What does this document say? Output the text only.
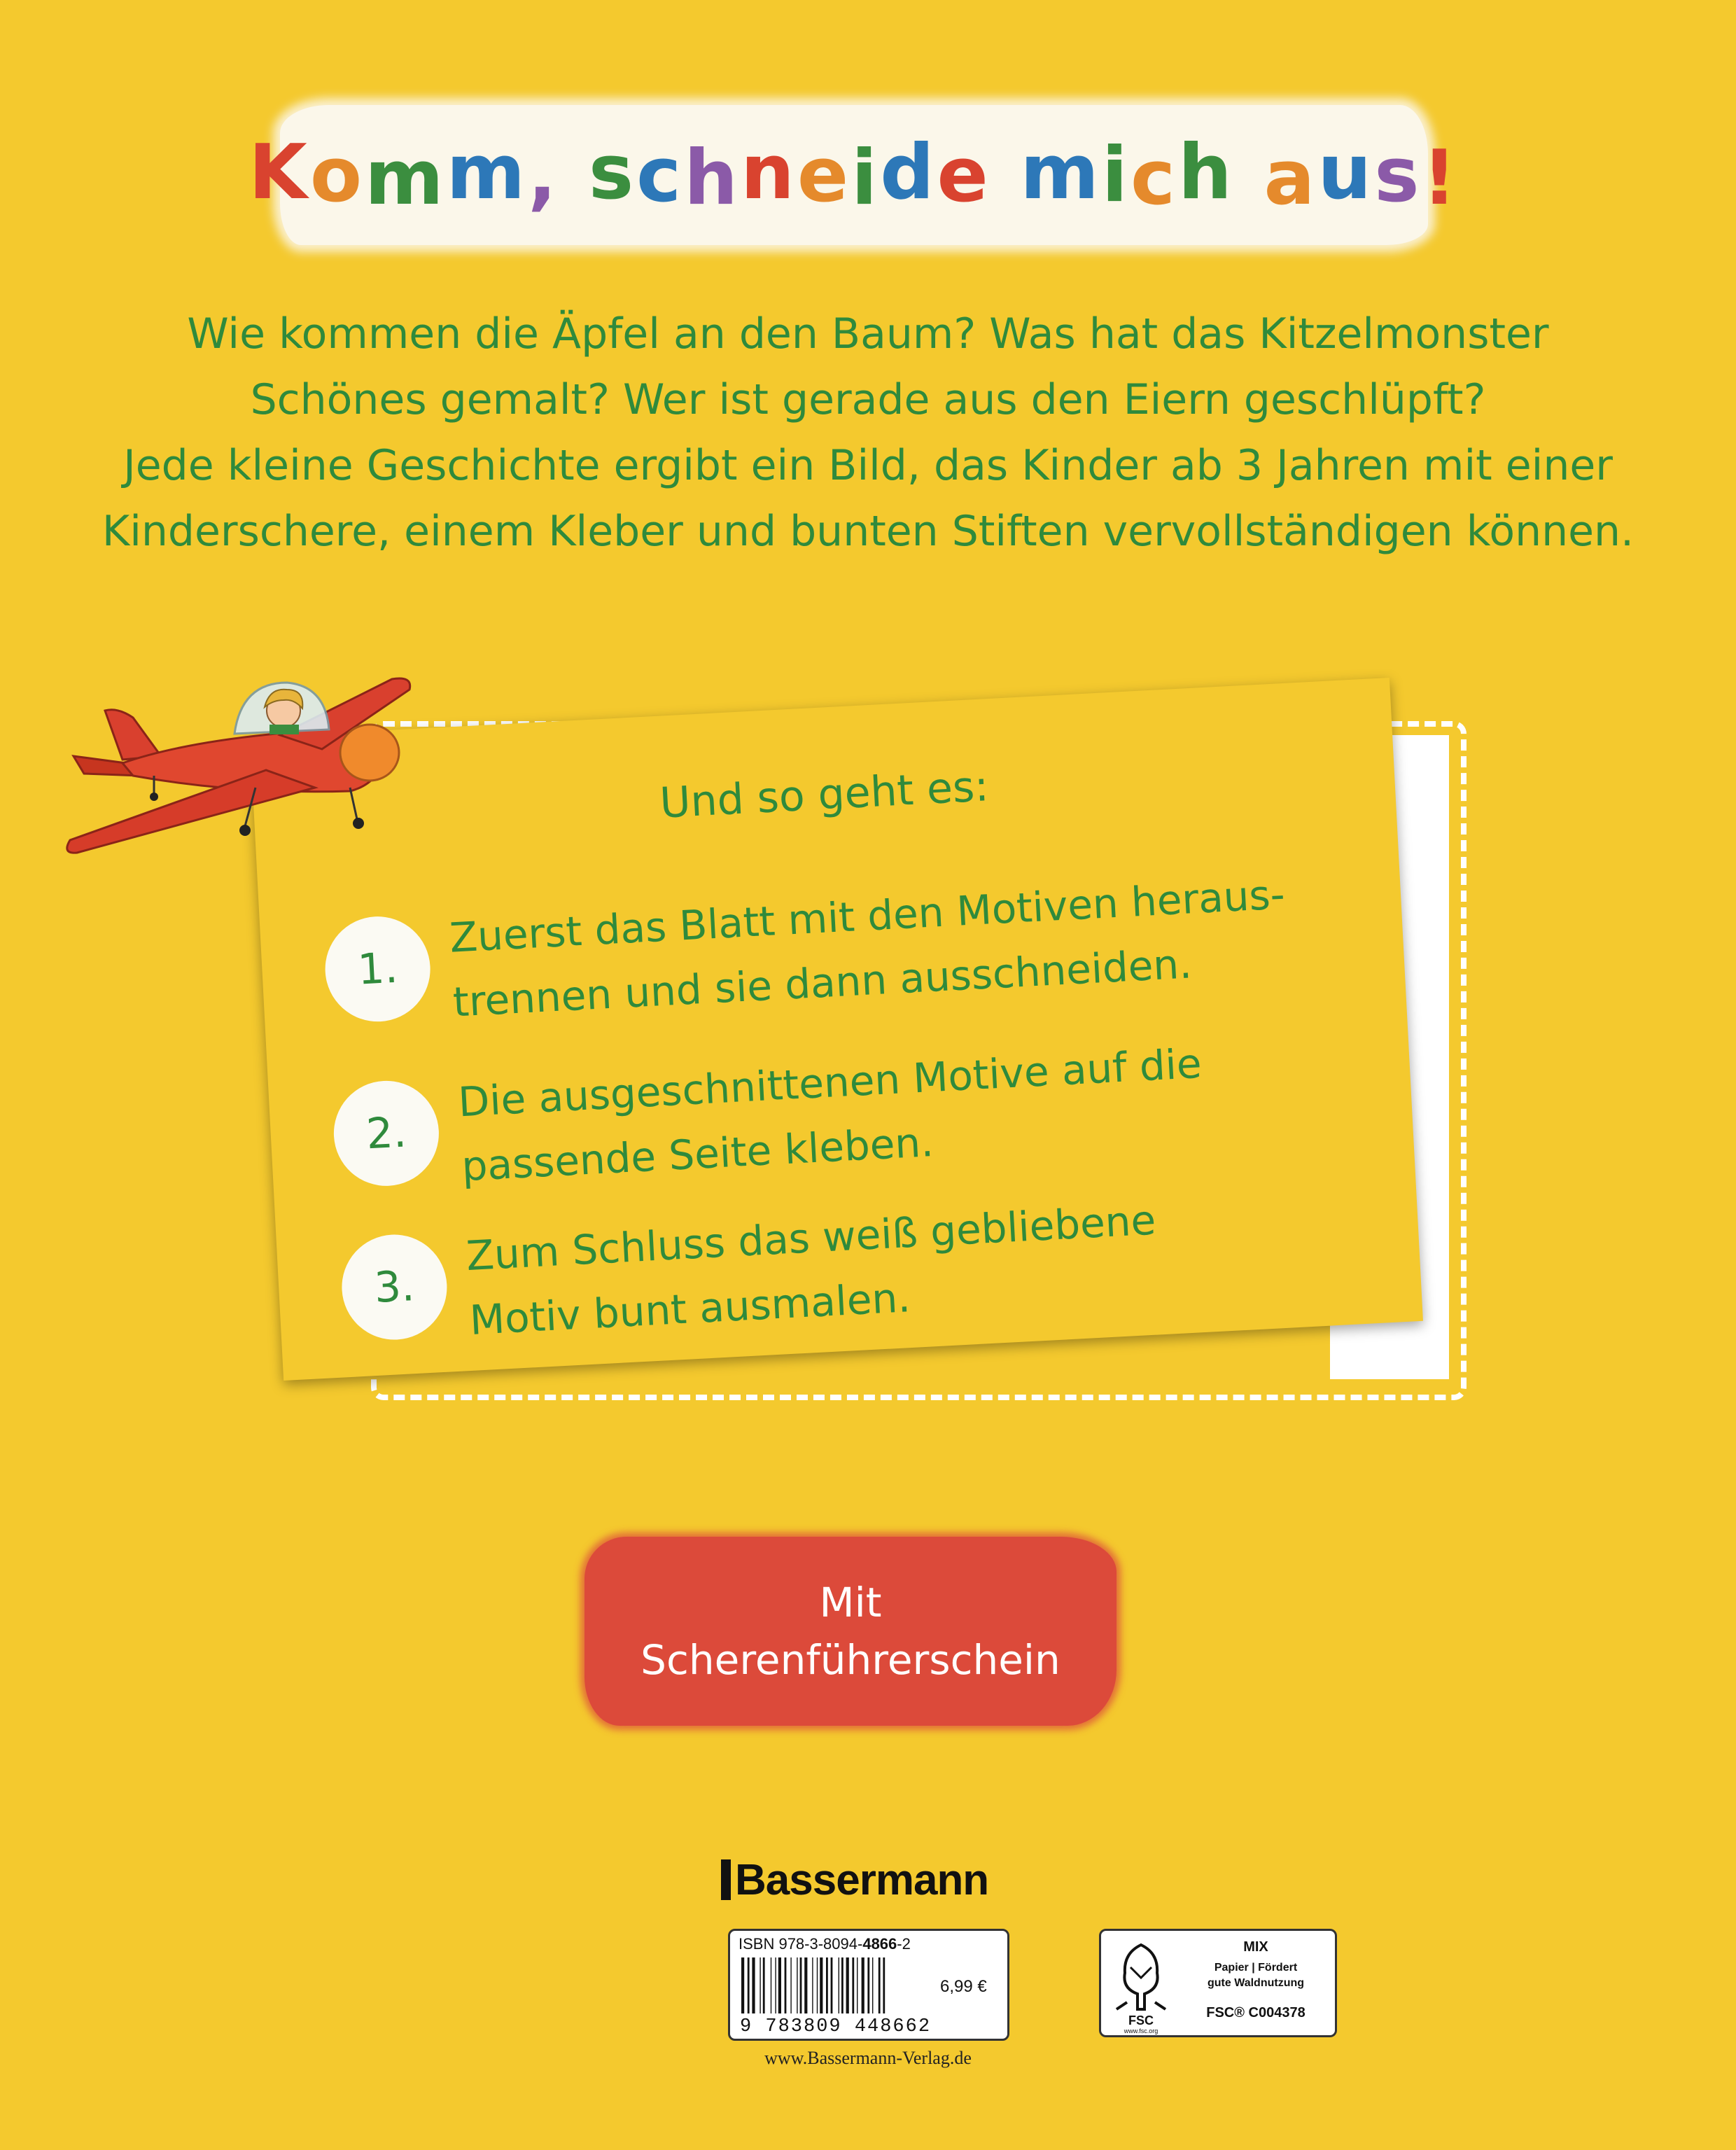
K o m m ,
s c h n e i d e
m i c h
a u s !
Wie kommen die Äpfel an den Baum? Was hat das Kitzelmonster
Schönes gemalt? Wer ist gerade aus den Eiern geschlüpft?
Jede kleine Geschichte ergibt ein Bild, das Kinder ab 3 Jahren mit einer
Kinderschere, einem Kleber und bunten Stiften vervollständigen können.
Und so geht es:
1.
Zuerst das Blatt mit den Motiven heraus-
trennen und sie dann ausschneiden.
2.
Die ausgeschnittenen Motive auf die
passende Seite kleben.
3.
Zum Schluss das weiß gebliebene
Motiv bunt ausmalen.
Mit
Scherenführerschein
Bassermann
ISBN 978-3-8094-4866-2
9 783809 448662
6,99 €
FSC
www.fsc.org
MIX
Papier | Fördert
gute Waldnutzung
FSC® C004378
www.Bassermann-Verlag.de
